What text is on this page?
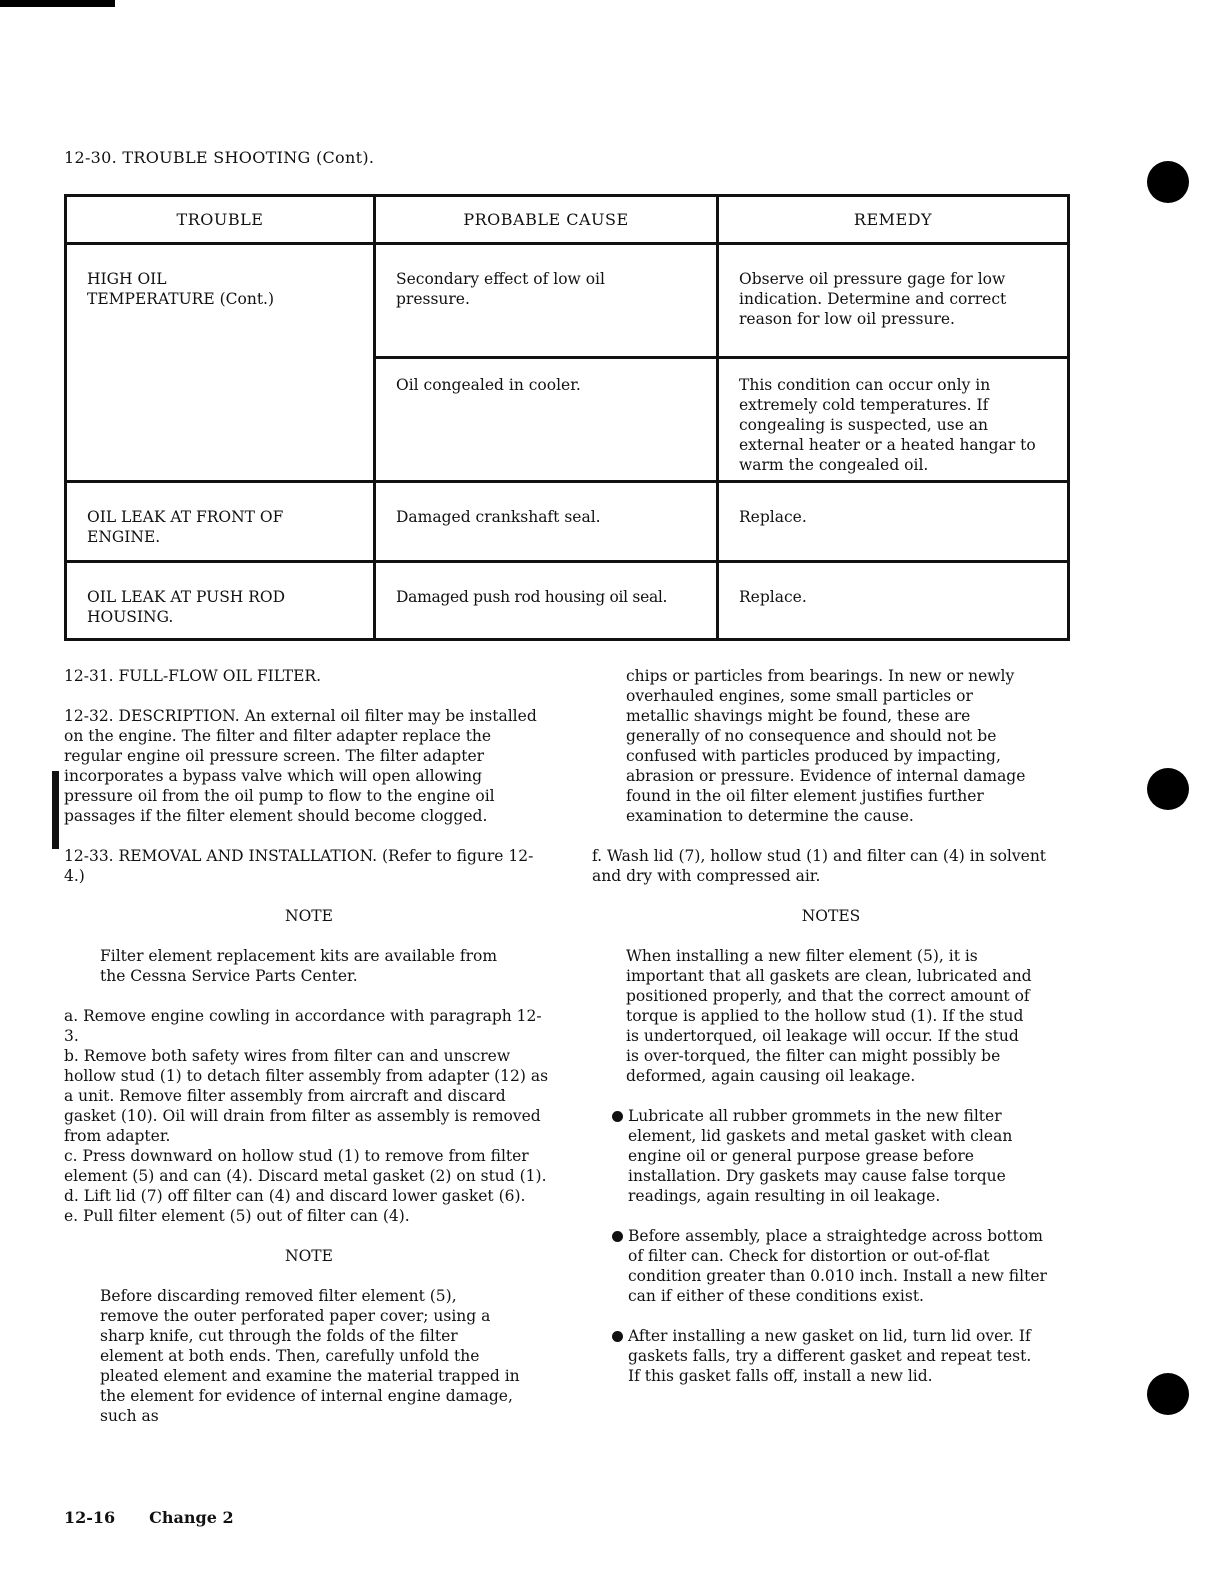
12-30. TROUBLE SHOOTING (Cont).
TROUBLE	PROBABLE CAUSE	REMEDY

HIGH OIL TEMPERATURE (Cont.)	Secondary effect of low oil pressure.	Observe oil pressure gage for low indication. Determine and correct reason for low oil pressure.

	Oil congealed in cooler.	This condition can occur only in extremely cold temperatures. If congealing is suspected, use an external heater or a heated hangar to warm the congealed oil.

OIL LEAK AT FRONT OF ENGINE.	Damaged crankshaft seal.	Replace.

OIL LEAK AT PUSH ROD HOUSING.	Damaged push rod housing oil seal.	Replace.

12-31. FULL-FLOW OIL FILTER.

12-32. DESCRIPTION. An external oil filter may be installed on the engine. The filter and filter adapter replace the regular engine oil pressure screen. The filter adapter incorporates a bypass valve which will open allowing pressure oil from the oil pump to flow to the engine oil passages if the filter element should become clogged.

12-33. REMOVAL AND INSTALLATION. (Refer to figure 12-4.)

NOTE

Filter element replacement kits are available from the Cessna Service Parts Center.

a. Remove engine cowling in accordance with paragraph 12-3.

b. Remove both safety wires from filter can and unscrew hollow stud (1) to detach filter assembly from adapter (12) as a unit. Remove filter assembly from aircraft and discard gasket (10). Oil will drain from filter as assembly is removed from adapter.

c. Press downward on hollow stud (1) to remove from filter element (5) and can (4). Discard metal gasket (2) on stud (1).

d. Lift lid (7) off filter can (4) and discard lower gasket (6).

e. Pull filter element (5) out of filter can (4).

NOTE

Before discarding removed filter element (5), remove the outer perforated paper cover; using a sharp knife, cut through the folds of the filter element at both ends. Then, carefully unfold the pleated element and examine the material trapped in the element for evidence of internal engine damage, such as

chips or particles from bearings. In new or newly overhauled engines, some small particles or metallic shavings might be found, these are generally of no consequence and should not be confused with particles produced by impacting, abrasion or pressure. Evidence of internal damage found in the oil filter element justifies further examination to determine the cause.

f. Wash lid (7), hollow stud (1) and filter can (4) in solvent and dry with compressed air.

NOTES

When installing a new filter element (5), it is important that all gaskets are clean, lubricated and positioned properly, and that the correct amount of torque is applied to the hollow stud (1). If the stud is undertorqued, oil leakage will occur. If the stud is over-torqued, the filter can might possibly be deformed, again causing oil leakage.

Lubricate all rubber grommets in the new filter element, lid gaskets and metal gasket with clean engine oil or general purpose grease before installation. Dry gaskets may cause false torque readings, again resulting in oil leakage.
Before assembly, place a straightedge across bottom of filter can. Check for distortion or out-of-flat condition greater than 0.010 inch. Install a new filter can if either of these conditions exist.
After installing a new gasket on lid, turn lid over. If gaskets falls, try a different gasket and repeat test. If this gasket falls off, install a new lid.
12-16 Change 2
